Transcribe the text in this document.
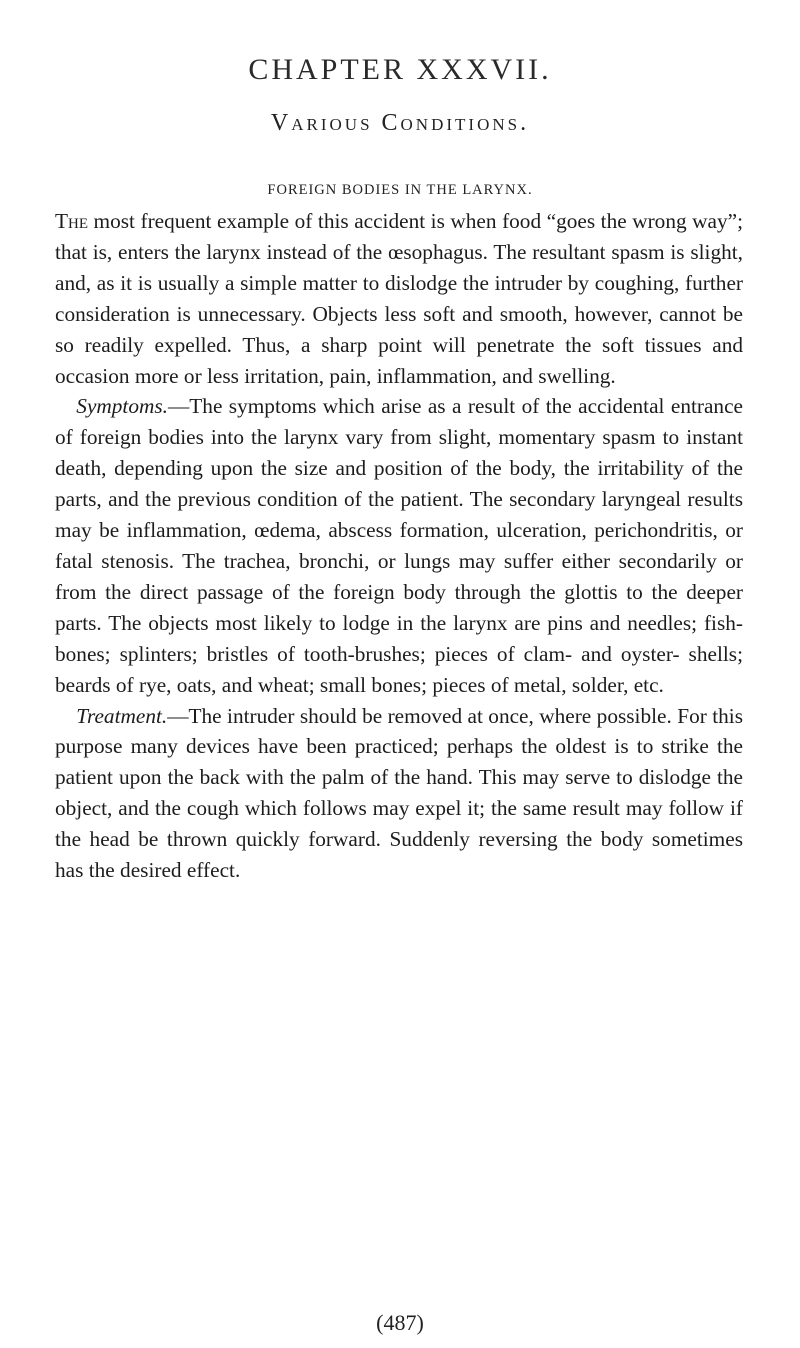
CHAPTER XXXVII.
Various Conditions.
FOREIGN BODIES IN THE LARYNX.

The most frequent example of this accident is when food “goes the wrong way”; that is, enters the larynx instead of the œsophagus. The resultant spasm is slight, and, as it is usually a simple matter to dislodge the intruder by coughing, further consideration is unnecessary. Objects less soft and smooth, however, cannot be so readily expelled. Thus, a sharp point will penetrate the soft tissues and occasion more or less irritation, pain, inflammation, and swelling.

 Symptoms.—The symptoms which arise as a result of the accidental entrance of foreign bodies into the larynx vary from slight, momentary spasm to instant death, depending upon the size and position of the body, the irritability of the parts, and the previous condition of the patient. The secondary laryngeal results may be inflammation, œdema, abscess formation, ulceration, perichondritis, or fatal stenosis. The trachea, bronchi, or lungs may suffer either secondarily or from the direct passage of the foreign body through the glottis to the deeper parts. The objects most likely to lodge in the larynx are pins and needles; fish-bones; splinters; bristles of tooth-brushes; pieces of clam- and oyster- shells; beards of rye, oats, and wheat; small bones; pieces of metal, solder, etc.

 Treatment.—The intruder should be removed at once, where possible. For this purpose many devices have been practiced; perhaps the oldest is to strike the patient upon the back with the palm of the hand. This may serve to dislodge the object, and the cough which follows may expel it; the same result may follow if the head be thrown quickly forward. Suddenly reversing the body sometimes has the desired effect.

(487)
